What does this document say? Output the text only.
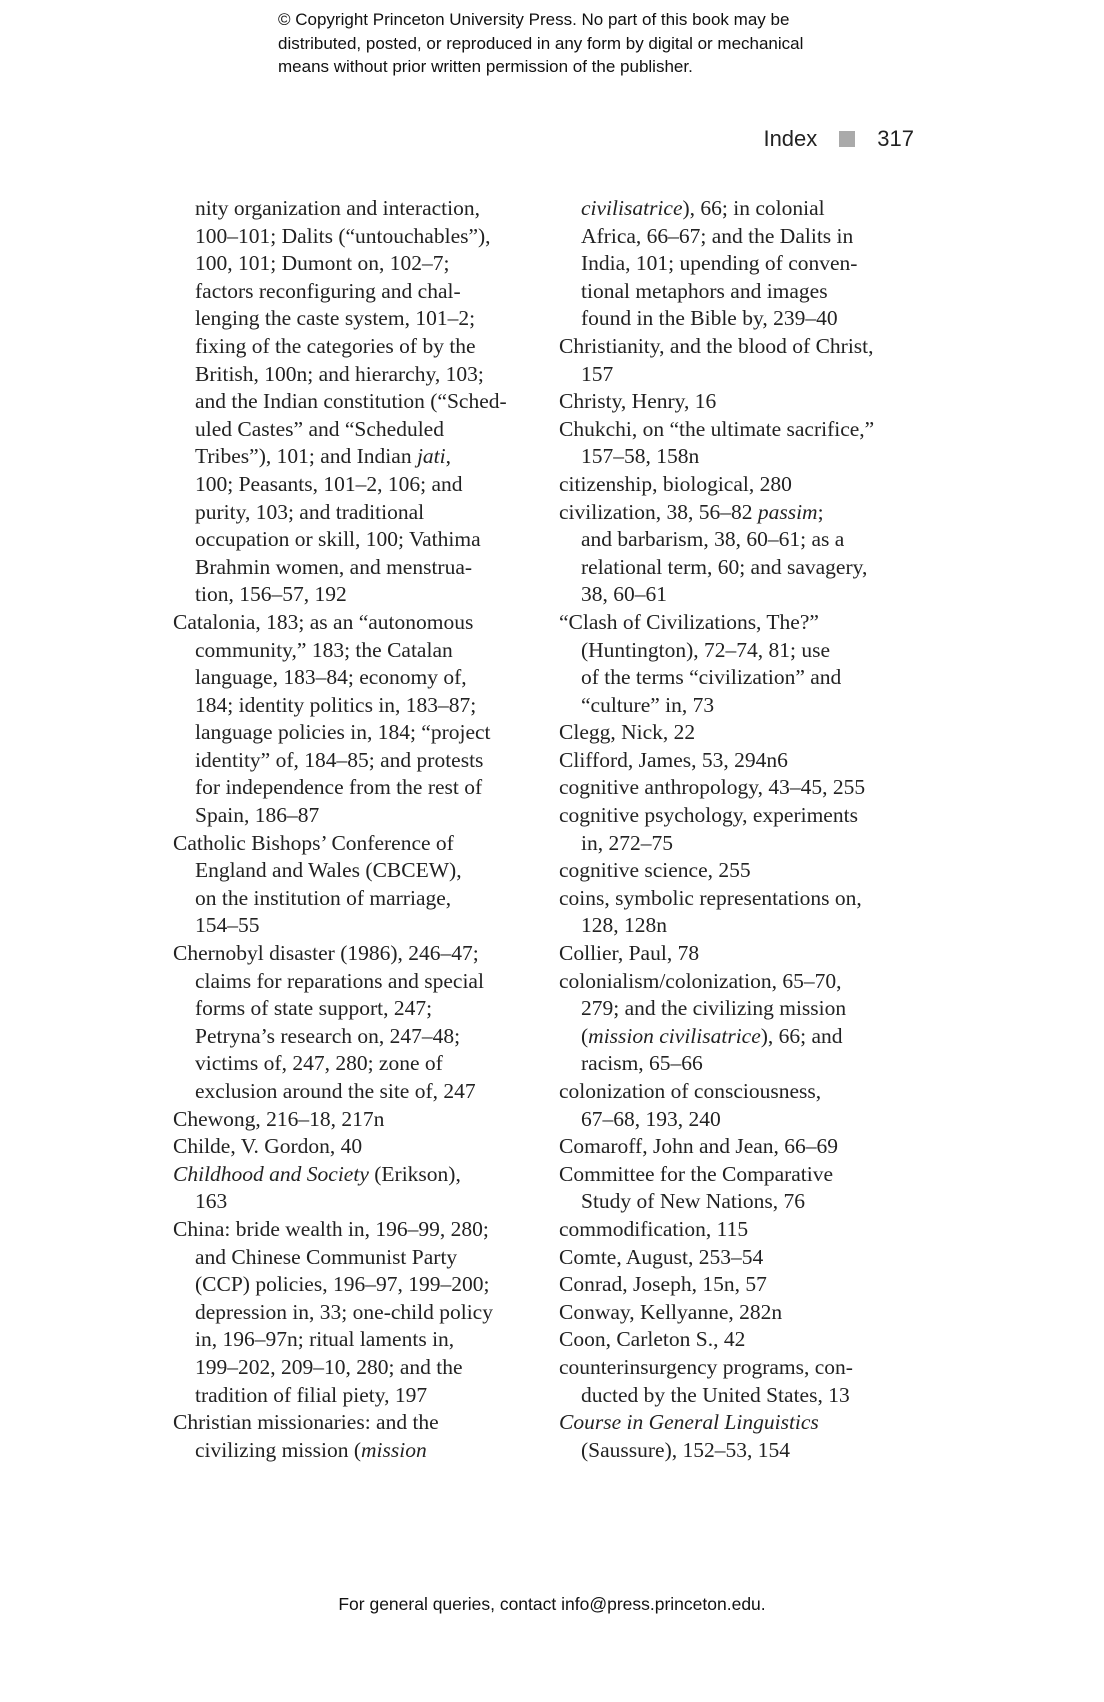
© Copyright Princeton University Press. No part of this book may be
distributed, posted, or reproduced in any form by digital or mechanical
means without prior written permission of the publisher.
Index	317
nity organization and interaction,
100–101; Dalits (“untouchables”),
100, 101; Dumont on, 102–7;
factors reconfiguring and chal-
lenging the caste system, 101–2;
fixing of the categories of by the
British, 100n; and hierarchy, 103;
and the Indian constitution (“Sched-
uled Castes” and “Scheduled
Tribes”), 101; and Indian jati,
100; Peasants, 101–2, 106; and
purity, 103; and traditional
occupation or skill, 100; Vathima
Brahmin women, and menstrua-
tion, 156–57, 192
Catalonia, 183; as an “autonomous
community,” 183; the Catalan
language, 183–84; economy of,
184; identity politics in, 183–87;
language policies in, 184; “project
identity” of, 184–85; and protests
for independence from the rest of
Spain, 186–87
Catholic Bishops’ Conference of
England and Wales (CBCEW),
on the institution of marriage,
154–55
Chernobyl disaster (1986), 246–47;
claims for reparations and special
forms of state support, 247;
Petryna’s research on, 247–48;
victims of, 247, 280; zone of
exclusion around the site of, 247
Chewong, 216–18, 217n
Childe, V. Gordon, 40
Childhood and Society (Erikson),
163
China: bride wealth in, 196–99, 280;
and Chinese Communist Party
(CCP) policies, 196–97, 199–200;
depression in, 33; one-child policy
in, 196–97n; ritual laments in,
199–202, 209–10, 280; and the
tradition of filial piety, 197
Christian missionaries: and the
civilizing mission (mission
civilisatrice), 66; in colonial
Africa, 66–67; and the Dalits in
India, 101; upending of conven-
tional metaphors and images
found in the Bible by, 239–40
Christianity, and the blood of Christ,
157
Christy, Henry, 16
Chukchi, on “the ultimate sacrifice,”
157–58, 158n
citizenship, biological, 280
civilization, 38, 56–82 passim;
and barbarism, 38, 60–61; as a
relational term, 60; and savagery,
38, 60–61
“Clash of Civilizations, The?”
(Huntington), 72–74, 81; use
of the terms “civilization” and
“culture” in, 73
Clegg, Nick, 22
Clifford, James, 53, 294n6
cognitive anthropology, 43–45, 255
cognitive psychology, experiments
in, 272–75
cognitive science, 255
coins, symbolic representations on,
128, 128n
Collier, Paul, 78
colonialism/colonization, 65–70,
279; and the civilizing mission
(mission civilisatrice), 66; and
racism, 65–66
colonization of consciousness,
67–68, 193, 240
Comaroff, John and Jean, 66–69
Committee for the Comparative
Study of New Nations, 76
commodification, 115
Comte, August, 253–54
Conrad, Joseph, 15n, 57
Conway, Kellyanne, 282n
Coon, Carleton S., 42
counterinsurgency programs, con-
ducted by the United States, 13
Course in General Linguistics
(Saussure), 152–53, 154
For general queries, contact info@press.princeton.edu.
